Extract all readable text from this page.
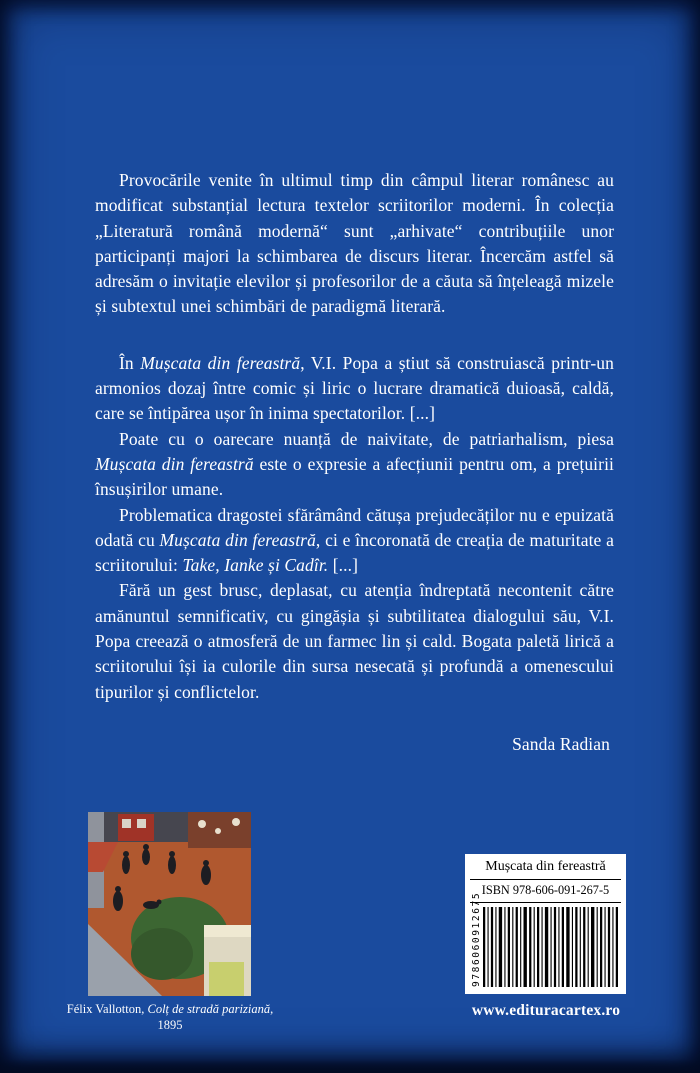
Provocările venite în ultimul timp din câmpul literar românesc au modificat substanțial lectura textelor scriitorilor moderni. În colecția „Literatură română modernă“ sunt „arhivate“ contribuțiile unor participanți majori la schimbarea de discurs literar. Încercăm astfel să adresăm o invitație elevilor și profesorilor de a căuta să înțeleagă mizele și subtextul unei schimbări de paradigmă literară.

În Mușcata din fereastră, V.I. Popa a știut să construiască printr-un armonios dozaj între comic și liric o lucrare dramatică duioasă, caldă, care se întipărea ușor în inima spectatorilor. [...]

Poate cu o oarecare nuanță de naivitate, de patriarhalism, piesa Mușcata din fereastră este o expresie a afecțiunii pentru om, a prețuirii însușirilor umane.

Problematica dragostei sfărâmând cătușa prejudecăților nu e epuizată odată cu Mușcata din fereastră, ci e încoronată de creația de maturitate a scriitorului: Take, Ianke și Cadîr. [...]

Fără un gest brusc, deplasat, cu atenția îndreptată necontenit către amănuntul semnificativ, cu gingășia și subtilitatea dialogului său, V.I. Popa creează o atmosferă de un farmec lin și cald. Bogata paletă lirică a scriitorului își ia culorile din sursa nesecată și profundă a omenescului tipurilor și conflictelor.

Sanda Radian
Félix Vallotton, Colț de stradă pariziană, 1895
Mușcata din fereastră
ISBN 978-606-091-267-5
9786060912675
www.edituracartex.ro
